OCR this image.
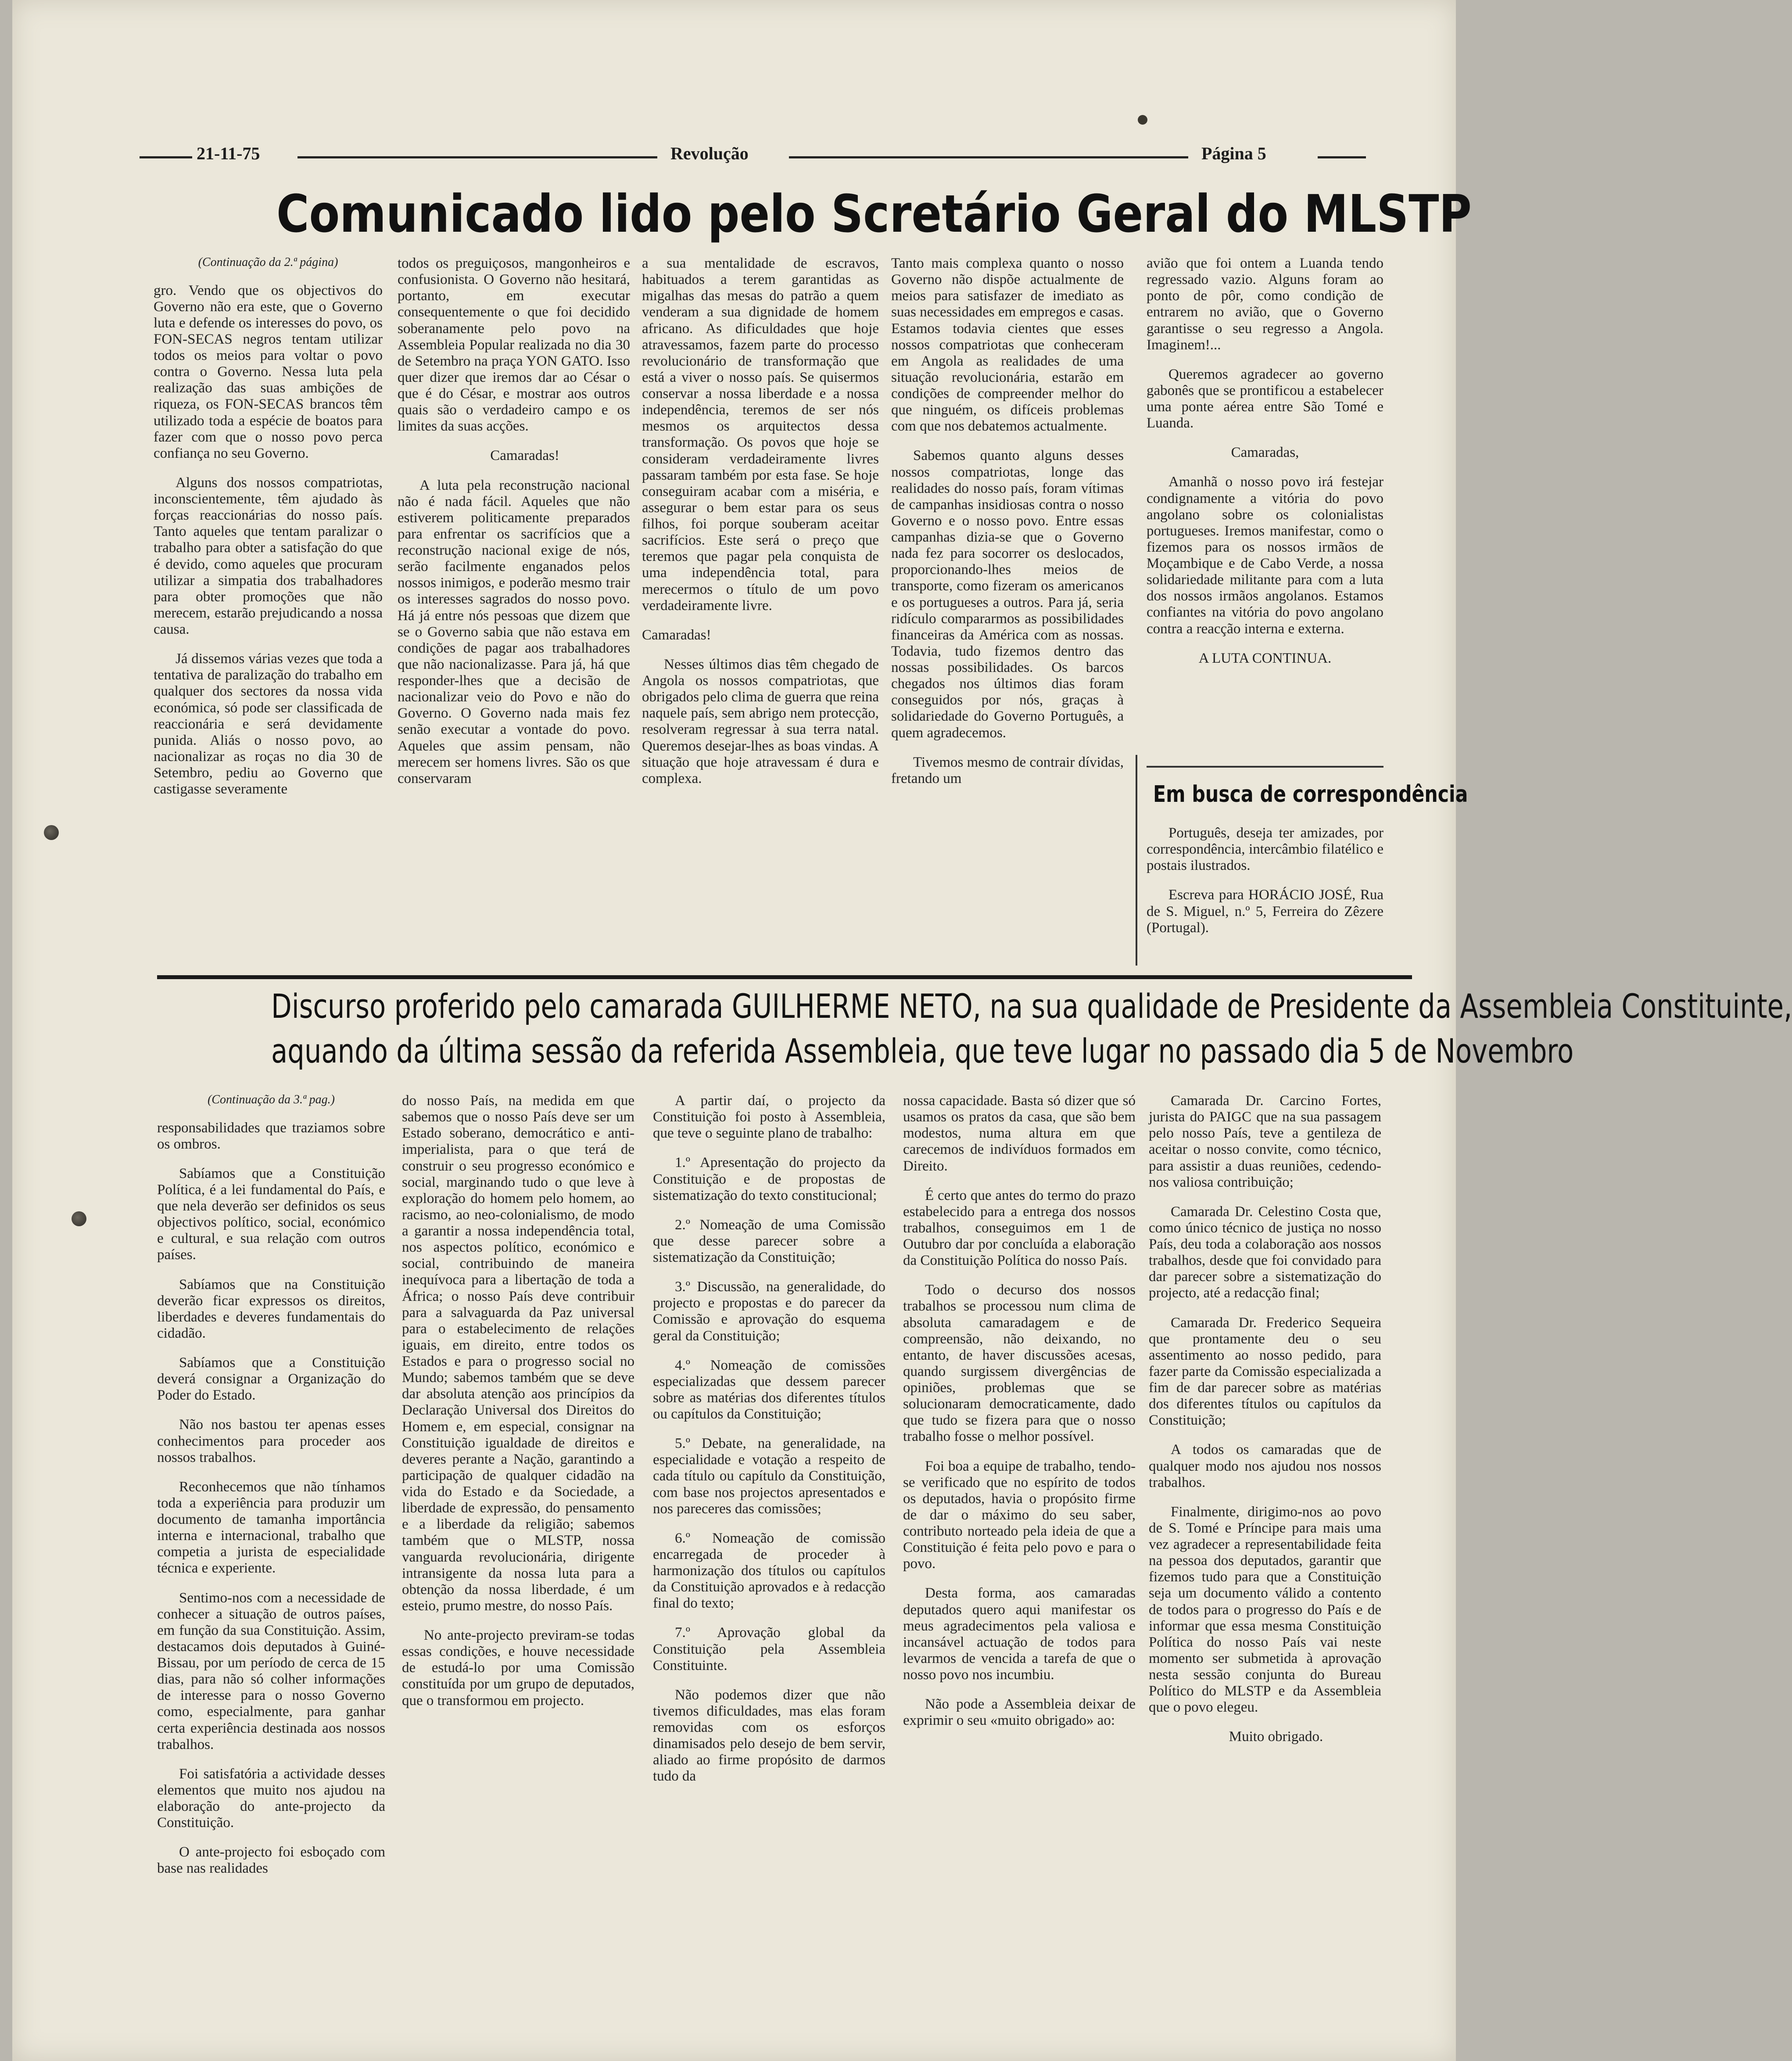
21-11-75	Revolução	Página 5
Comunicado lido pelo Scretário Geral do MLSTP

(Continuação da 2.ª página)

gro. Vendo que os objectivos do Governo não era este, que o Governo luta e defende os interesses do povo, os FON-SECAS negros tentam utilizar todos os meios para voltar o povo contra o Governo. Nessa luta pela realização das suas ambições de riqueza, os FON-SECAS brancos têm utilizado toda a espécie de boatos para fazer com que o nosso povo perca confiança no seu Governo.

Alguns dos nossos compatriotas, inconscientemente, têm ajudado às forças reaccionárias do nosso país. Tanto aqueles que tentam paralizar o trabalho para obter a satisfação do que é devido, como aqueles que procuram utilizar a simpatia dos trabalhadores para obter promoções que não merecem, estarão prejudicando a nossa causa.

Já dissemos várias vezes que toda a tentativa de paralização do trabalho em qualquer dos sectores da nossa vida económica, só pode ser classificada de reaccionária e será devidamente punida. Aliás o nosso povo, ao nacionalizar as roças no dia 30 de Setembro, pediu ao Governo que castigasse severamente

todos os preguiçosos, mangonheiros e confusionista. O Governo não hesitará, portanto, em executar consequentemente o que foi decidido soberanamente pelo povo na Assembleia Popular realizada no dia 30 de Setembro na praça YON GATO. Isso quer dizer que iremos dar ao César o que é do César, e mostrar aos outros quais são o verdadeiro campo e os limites da suas acções.

Camaradas!

A luta pela reconstrução nacional não é nada fácil. Aqueles que não estiverem politicamente preparados para enfrentar os sacrifícios que a reconstrução nacional exige de nós, serão facilmente enganados pelos nossos inimigos, e poderão mesmo trair os interesses sagrados do nosso povo. Há já entre nós pessoas que dizem que se o Governo sabia que não estava em condições de pagar aos trabalhadores que não nacionalizasse. Para já, há que responder-lhes que a decisão de nacionalizar veio do Povo e não do Governo. O Governo nada mais fez senão executar a vontade do povo. Aqueles que assim pensam, não merecem ser homens livres. São os que conservaram

a sua mentalidade de escravos, habituados a terem garantidas as migalhas das mesas do patrão a quem venderam a sua dignidade de homem africano. As dificuldades que hoje atravessamos, fazem parte do processo revolucionário de transformação que está a viver o nosso país. Se quisermos conservar a nossa liberdade e a nossa independência, teremos de ser nós mesmos os arquitectos dessa transformação. Os povos que hoje se consideram verdadeiramente livres passaram também por esta fase. Se hoje conseguiram acabar com a miséria, e assegurar o bem estar para os seus filhos, foi porque souberam aceitar sacrifícios. Este será o preço que teremos que pagar pela conquista de uma independência total, para merecermos o título de um povo verdadeiramente livre.

Camaradas!

Nesses últimos dias têm chegado de Angola os nossos compatriotas, que obrigados pelo clima de guerra que reina naquele país, sem abrigo nem protecção, resolveram regressar à sua terra natal. Queremos desejar-lhes as boas vindas. A situação que hoje atravessam é dura e complexa.

Tanto mais complexa quanto o nosso Governo não dispõe actualmente de meios para satisfazer de imediato as suas necessidades em empregos e casas. Estamos todavia cientes que esses nossos compatriotas que conheceram em Angola as realidades de uma situação revolucionária, estarão em condições de compreender melhor do que ninguém, os difíceis problemas com que nos debatemos actualmente.

Sabemos quanto alguns desses nossos compatriotas, longe das realidades do nosso país, foram vítimas de campanhas insidiosas contra o nosso Governo e o nosso povo. Entre essas campanhas dizia-se que o Governo nada fez para socorrer os deslocados, proporcionando-lhes meios de transporte, como fizeram os americanos e os portugueses a outros. Para já, seria ridículo compararmos as possibilidades financeiras da América com as nossas. Todavia, tudo fizemos dentro das nossas possibilidades. Os barcos chegados nos últimos dias foram conseguidos por nós, graças à solidariedade do Governo Português, a quem agradecemos.

Tivemos mesmo de contrair dívidas, fretando um

avião que foi ontem a Luanda tendo regressado vazio. Alguns foram ao ponto de pôr, como condição de entrarem no avião, que o Governo garantisse o seu regresso a Angola. Imaginem!...

Queremos agradecer ao governo gabonês que se prontificou a estabelecer uma ponte aérea entre São Tomé e Luanda.

Camaradas,

Amanhã o nosso povo irá festejar condignamente a vitória do povo angolano sobre os colonialistas portugueses. Iremos manifestar, como o fizemos para os nossos irmãos de Moçambique e de Cabo Verde, a nossa solidariedade militante para com a luta dos nossos irmãos angolanos. Estamos confiantes na vitória do povo angolano contra a reacção interna e externa.

A LUTA CONTINUA.

Em busca de correspondência

Português, deseja ter amizades, por correspondência, intercâmbio filatélico e postais ilustrados.

Escreva para HORÁCIO JOSÉ, Rua de S. Miguel, n.º 5, Ferreira do Zêzere (Portugal).

Discurso proferido pelo camarada GUILHERME NETO, na sua qualidade de Presidente da Assembleia Constituinte,
aquando da última sessão da referida Assembleia, que teve lugar no passado dia 5 de Novembro

(Continuação da 3.ª pag.)

responsabilidades que traziamos sobre os ombros.

Sabíamos que a Constituição Política, é a lei fundamental do País, e que nela deverão ser definidos os seus objectivos político, social, económico e cultural, e sua relação com outros países.

Sabíamos que na Constituição deverão ficar expressos os direitos, liberdades e deveres fundamentais do cidadão.

Sabíamos que a Constituição deverá consignar a Organização do Poder do Estado.

Não nos bastou ter apenas esses conhecimentos para proceder aos nossos trabalhos.

Reconhecemos que não tínhamos toda a experiência para produzir um documento de tamanha importância interna e internacional, trabalho que competia a jurista de especialidade técnica e experiente.

Sentimo-nos com a necessidade de conhecer a situação de outros países, em função da sua Constituição. Assim, destacamos dois deputados à Guiné-Bissau, por um período de cerca de 15 dias, para não só colher informações de interesse para o nosso Governo como, especialmente, para ganhar certa experiência destinada aos nossos trabalhos.

Foi satisfatória a actividade desses elementos que muito nos ajudou na elaboração do ante-projecto da Constituição.

O ante-projecto foi esboçado com base nas realidades

do nosso País, na medida em que sabemos que o nosso País deve ser um Estado soberano, democrático e anti-imperialista, para o que terá de construir o seu progresso económico e social, marginando tudo o que leve à exploração do homem pelo homem, ao racismo, ao neo-colonialismo, de modo a garantir a nossa independência total, nos aspectos político, económico e social, contribuindo de maneira inequívoca para a libertação de toda a África; o nosso País deve contribuir para a salvaguarda da Paz universal para o estabelecimento de relações iguais, em direito, entre todos os Estados e para o progresso social no Mundo; sabemos também que se deve dar absoluta atenção aos princípios da Declaração Universal dos Direitos do Homem e, em especial, consignar na Constituição igualdade de direitos e deveres perante a Nação, garantindo a participação de qualquer cidadão na vida do Estado e da Sociedade, a liberdade de expressão, do pensamento e a liberdade da religião; sabemos também que o MLSTP, nossa vanguarda revolucionária, dirigente intransigente da nossa luta para a obtenção da nossa liberdade, é um esteio, prumo mestre, do nosso País.

No ante-projecto previram-se todas essas condições, e houve necessidade de estudá-lo por uma Comissão constituída por um grupo de deputados, que o transformou em projecto.

A partir daí, o projecto da Constituição foi posto à Assembleia, que teve o seguinte plano de trabalho:

1.º Apresentação do projecto da Constituição e de propostas de sistematização do texto constitucional;

2.º Nomeação de uma Comissão que desse parecer sobre a sistematização da Constituição;

3.º Discussão, na generalidade, do projecto e propostas e do parecer da Comissão e aprovação do esquema geral da Constituição;

4.º Nomeação de comissões especializadas que dessem parecer sobre as matérias dos diferentes títulos ou capítulos da Constituição;

5.º Debate, na generalidade, na especialidade e votação a respeito de cada título ou capítulo da Constituição, com base nos projectos apresentados e nos pareceres das comissões;

6.º Nomeação de comissão encarregada de proceder à harmonização dos títulos ou capítulos da Constituição aprovados e à redacção final do texto;

7.º Aprovação global da Constituição pela Assembleia Constituinte.

Não podemos dizer que não tivemos dificuldades, mas elas foram removidas com os esforços dinamisados pelo desejo de bem servir, aliado ao firme propósito de darmos tudo da

nossa capacidade. Basta só dizer que só usamos os pratos da casa, que são bem modestos, numa altura em que carecemos de indivíduos formados em Direito.

É certo que antes do termo do prazo estabelecido para a entrega dos nossos trabalhos, conseguimos em 1 de Outubro dar por concluída a elaboração da Constituição Política do nosso País.

Todo o decurso dos nossos trabalhos se processou num clima de absoluta camaradagem e de compreensão, não deixando, no entanto, de haver discussões acesas, quando surgissem divergências de opiniões, problemas que se solucionaram democraticamente, dado que tudo se fizera para que o nosso trabalho fosse o melhor possível.

Foi boa a equipe de trabalho, tendo-se verificado que no espírito de todos os deputados, havia o propósito firme de dar o máximo do seu saber, contributo norteado pela ideia de que a Constituição é feita pelo povo e para o povo.

Desta forma, aos camaradas deputados quero aqui manifestar os meus agradecimentos pela valiosa e incansável actuação de todos para levarmos de vencida a tarefa de que o nosso povo nos incumbiu.

Não pode a Assembleia deixar de exprimir o seu «muito obrigado» ao:

Camarada Dr. Carcino Fortes, jurista do PAIGC que na sua passagem pelo nosso País, teve a gentileza de aceitar o nosso convite, como técnico, para assistir a duas reuniões, cedendo-nos valiosa contribuição;

Camarada Dr. Celestino Costa que, como único técnico de justiça no nosso País, deu toda a colaboração aos nossos trabalhos, desde que foi convidado para dar parecer sobre a sistematização do projecto, até a redacção final;

Camarada Dr. Frederico Sequeira que prontamente deu o seu assentimento ao nosso pedido, para fazer parte da Comissão especializada a fim de dar parecer sobre as matérias dos diferentes títulos ou capítulos da Constituição;

A todos os camaradas que de qualquer modo nos ajudou nos nossos trabalhos.

Finalmente, dirigimo-nos ao povo de S. Tomé e Príncipe para mais uma vez agradecer a representabilidade feita na pessoa dos deputados, garantir que fizemos tudo para que a Constituição seja um documento válido a contento de todos para o progresso do País e de informar que essa mesma Constituição Política do nosso País vai neste momento ser submetida à aprovação nesta sessão conjunta do Bureau Político do MLSTP e da Assembleia que o povo elegeu.

Muito obrigado.
